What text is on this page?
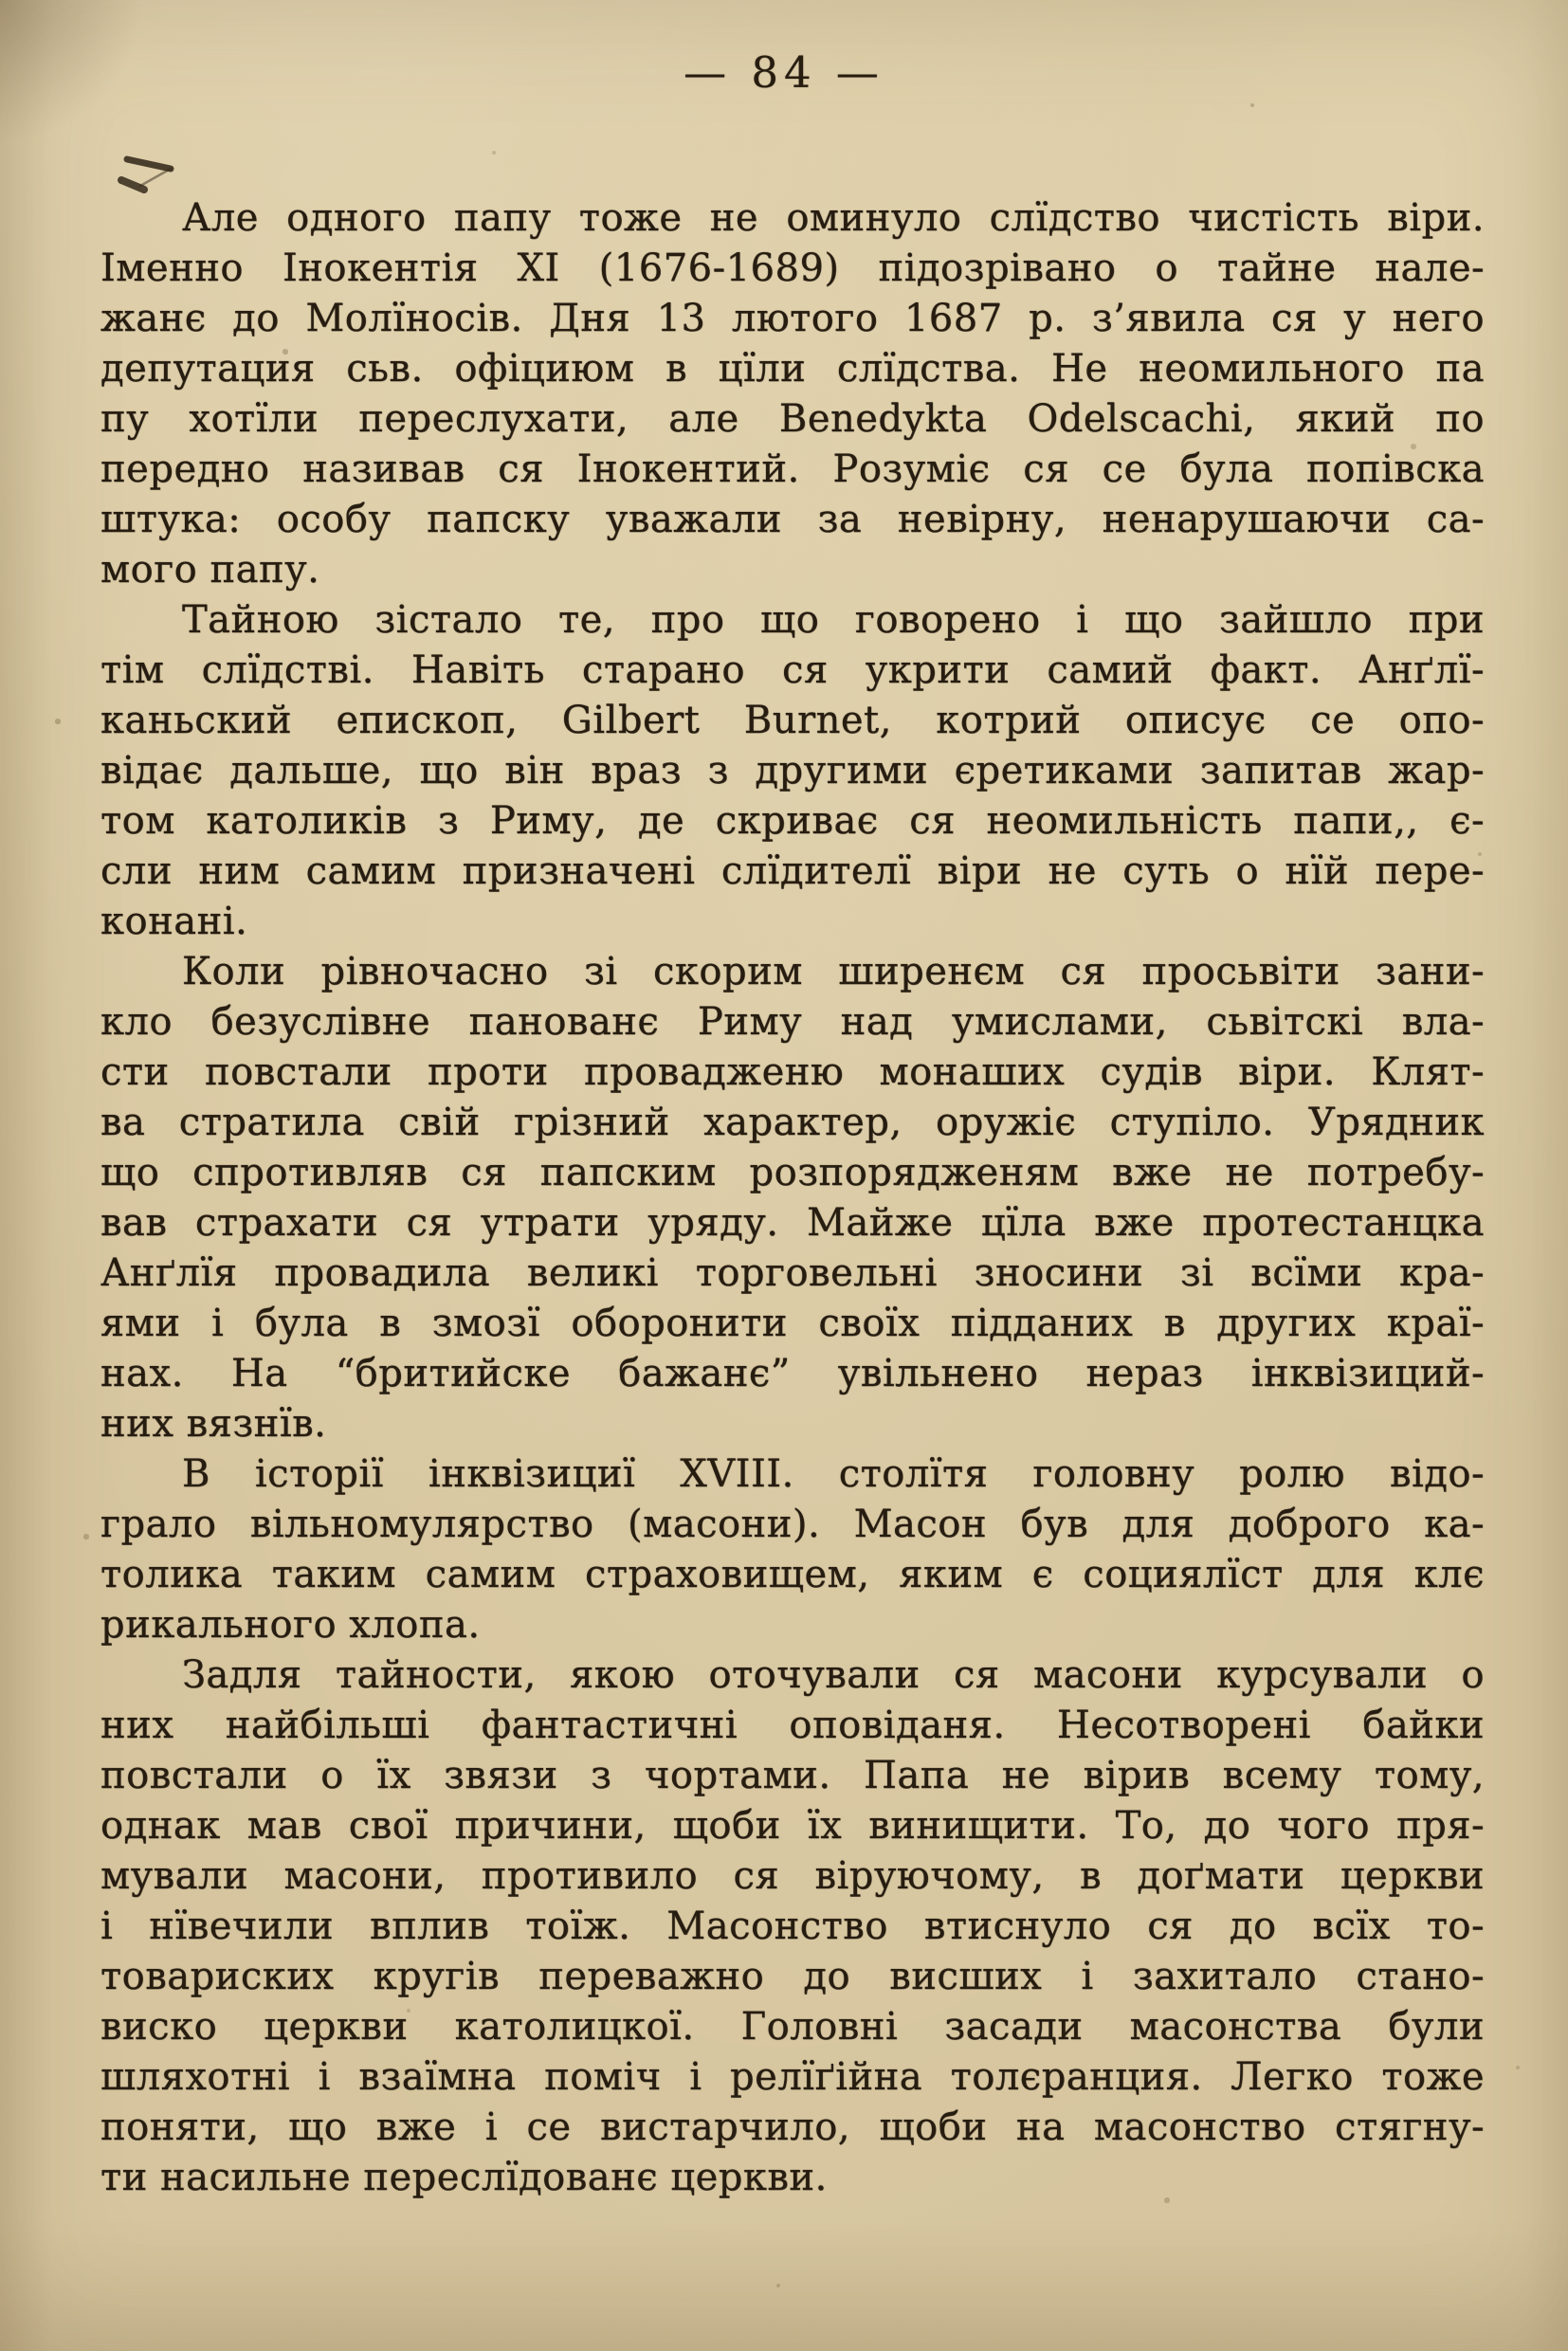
— 84 —
Але одного папу тоже не оминуло слїдство чистість віри.
Іменно Інокентія XI (1676-1689) підозрівано о тайне нале-
жанє до Молїносів. Дня 13 лютого 1687 р. з’явила ся у него
депутация сьв. офіциюм в цїли слїдства. Не неомильного па
пу хотїли переслухати, але Benedykta Odelscachi, який по
передно називав ся Інокентий. Розуміє ся се була попівска
штука: особу папску уважали за невірну, ненарушаючи са-
мого папу.
Тайною зістало те, про що говорено і що зайшло при
тім слїдстві. Навіть старано ся укрити самий факт. Анґлї-
каньский епископ, Gilbert Burnet, котрий описує се опо-
відає дальше, що він враз з другими єретиками запитав жар-
том католиків з Риму, де скриває ся неомильність папи,, є-
сли ним самим призначені слїдителї віри не суть о нїй пере-
конані.
Коли рівночасно зі скорим ширенєм ся просьвіти зани-
кло безуслівне панованє Риму над умислами, сьвітскі вла-
сти повстали проти провадженю монаших судів віри. Клят-
ва стратила свій грізний характер, оружіє ступіло. Урядник
що спротивляв ся папским розпорядженям вже не потребу-
вав страхати ся утрати уряду. Майже цїла вже протестанцка
Анґлїя провадила великі торговельні зносини зі всїми кра-
ями і була в змозї оборонити своїх підданих в других краї-
нах. На “бритийске бажанє” увільнено нераз інквізиций-
них вязнїв.
В історії інквізициї XVIII. столїтя головну ролю відо-
грало вільномулярство (масони). Масон був для доброго ка-
толика таким самим страховищем, яким є социялїст для клє
рикального хлопа.
Задля тайности, якою оточували ся масони курсували о
них найбільші фантастичні оповіданя. Несотворені байки
повстали о їх звязи з чортами. Папа не вірив всему тому,
однак мав свої причини, щоби їх винищити. То, до чого пря-
мували масони, противило ся віруючому, в доґмати церкви
і нївечили вплив тоїж. Масонство втиснуло ся до всїх то-
товариских кругів переважно до висших і захитало стано-
виско церкви католицкої. Головні засади масонства були
шляхотні і взаїмна поміч і релїґійна толєранция. Легко тоже
поняти, що вже і се вистарчило, щоби на масонство стягну-
ти насильне переслїдованє церкви.
